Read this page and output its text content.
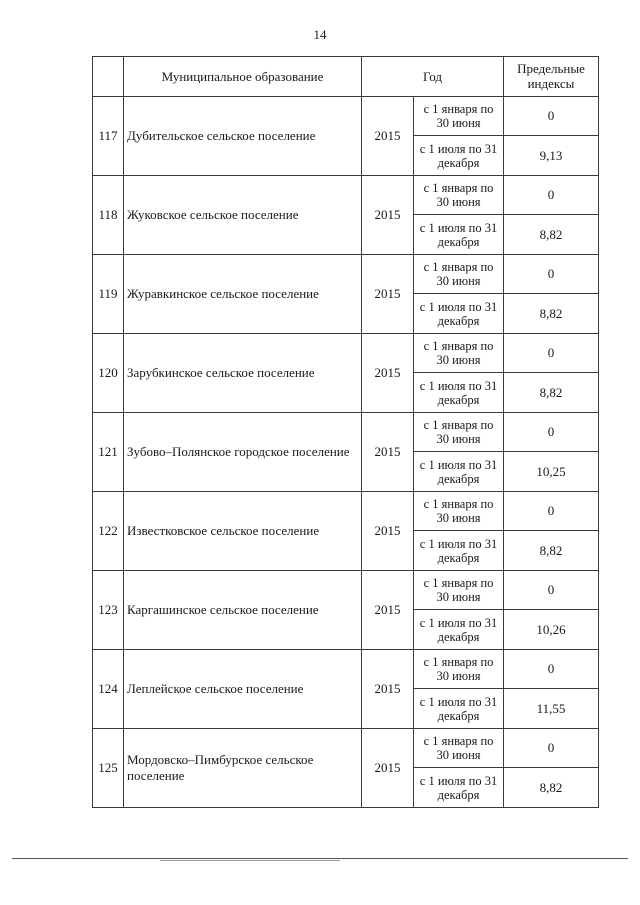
14
	Муниципальное образование	Год		Предельные индексы
117	Дубительское сельское поселение	2015	с 1 января по 30 июня	0
			с 1 июля по 31 декабря	9,13
118	Жуковское сельское поселение	2015	с 1 января по 30 июня	0
			с 1 июля по 31 декабря	8,82
119	Журавкинское сельское поселение	2015	с 1 января по 30 июня	0
			с 1 июля по 31 декабря	8,82
120	Зарубкинское сельское поселение	2015	с 1 января по 30 июня	0
			с 1 июля по 31 декабря	8,82
121	Зубово–Полянское городское поселение	2015	с 1 января по 30 июня	0
			с 1 июля по 31 декабря	10,25
122	Известковское сельское поселение	2015	с 1 января по 30 июня	0
			с 1 июля по 31 декабря	8,82
123	Каргашинское сельское поселение	2015	с 1 января по 30 июня	0
			с 1 июля по 31 декабря	10,26
124	Леплейское сельское поселение	2015	с 1 января по 30 июня	0
			с 1 июля по 31 декабря	11,55
125	Мордовско–Пимбурское сельское поселение	2015	с 1 января по 30 июня	0
			с 1 июля по 31 декабря	8,82
